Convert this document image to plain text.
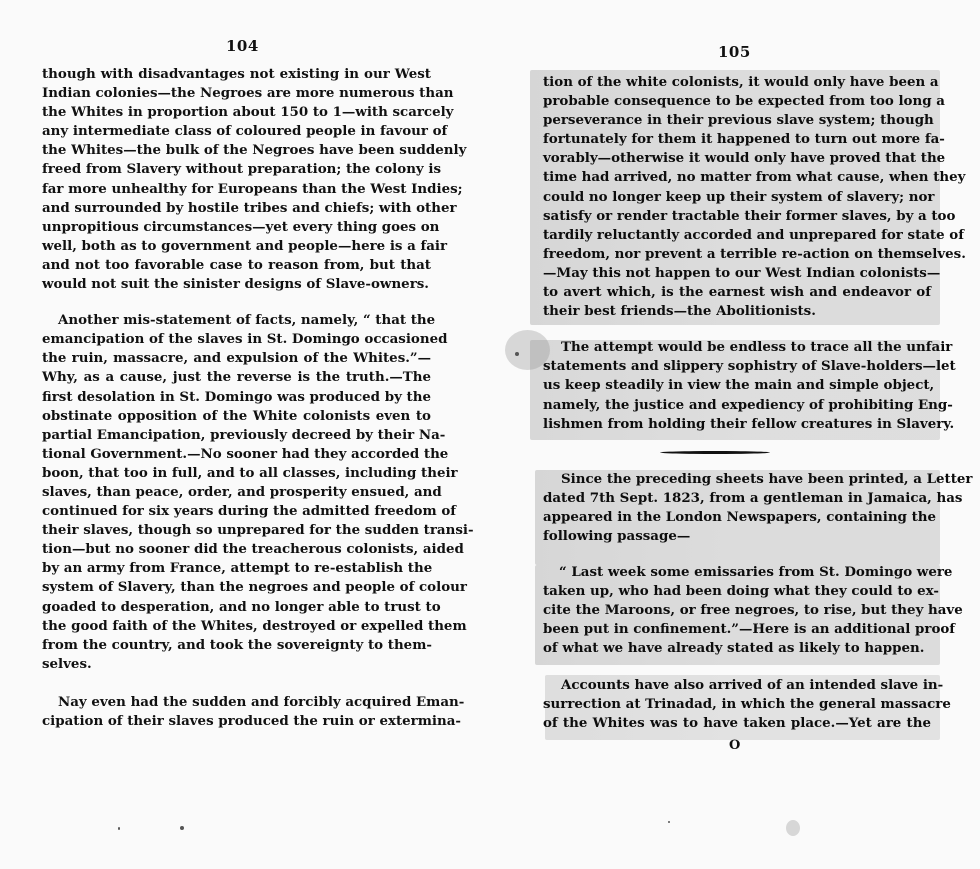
104

though with disadvantages not existing in our West
Indian colonies—the Negroes are more numerous than
the Whites in proportion about 150 to 1—with scarcely
any intermediate class of coloured people in favour of
the Whites—the bulk of the Negroes have been suddenly
freed from Slavery without preparation; the colony is
far more unhealthy for Europeans than the West Indies;
and surrounded by hostile tribes and chiefs; with other
unpropitious circumstances—yet every thing goes on
well, both as to government and people—here is a fair
and not too favorable case to reason from, but that
would not suit the sinister designs of Slave-owners.

Another mis-statement of facts, namely, “ that the
emancipation of the slaves in St. Domingo occasioned
the ruin, massacre, and expulsion of the Whites.”—
Why, as a cause, just the reverse is the truth.—The
first desolation in St. Domingo was produced by the
obstinate opposition of the White colonists even to
partial Emancipation, previously decreed by their Na-
tional Government.—No sooner had they accorded the
boon, that too in full, and to all classes, including their
slaves, than peace, order, and prosperity ensued, and
continued for six years during the admitted freedom of
their slaves, though so unprepared for the sudden transi-
tion—but no sooner did the treacherous colonists, aided
by an army from France, attempt to re-establish the
system of Slavery, than the negroes and people of colour
goaded to desperation, and no longer able to trust to
the good faith of the Whites, destroyed or expelled them
from the country, and took the sovereignty to them-
selves.

Nay even had the sudden and forcibly acquired Eman-
cipation of their slaves produced the ruin or extermina-

105

tion of the white colonists, it would only have been a
probable consequence to be expected from too long a
perseverance in their previous slave system; though
fortunately for them it happened to turn out more fa-
vorably—otherwise it would only have proved that the
time had arrived, no matter from what cause, when they
could no longer keep up their system of slavery; nor
satisfy or render tractable their former slaves, by a too
tardily reluctantly accorded and unprepared for state of
freedom, nor prevent a terrible re-action on themselves.
—May this not happen to our West Indian colonists—
to avert which, is the earnest wish and endeavor of
their best friends—the Abolitionists.

The attempt would be endless to trace all the unfair
statements and slippery sophistry of Slave-holders—let
us keep steadily in view the main and simple object,
namely, the justice and expediency of prohibiting Eng-
lishmen from holding their fellow creatures in Slavery.

Since the preceding sheets have been printed, a Letter
dated 7th Sept. 1823, from a gentleman in Jamaica, has
appeared in the London Newspapers, containing the
following passage—

“ Last week some emissaries from St. Domingo were
taken up, who had been doing what they could to ex-
cite the Maroons, or free negroes, to rise, but they have
been put in confinement.”—Here is an additional proof
of what we have already stated as likely to happen.

Accounts have also arrived of an intended slave in-
surrection at Trinadad, in which the general massacre
of the Whites was to have taken place.—Yet are the

O
